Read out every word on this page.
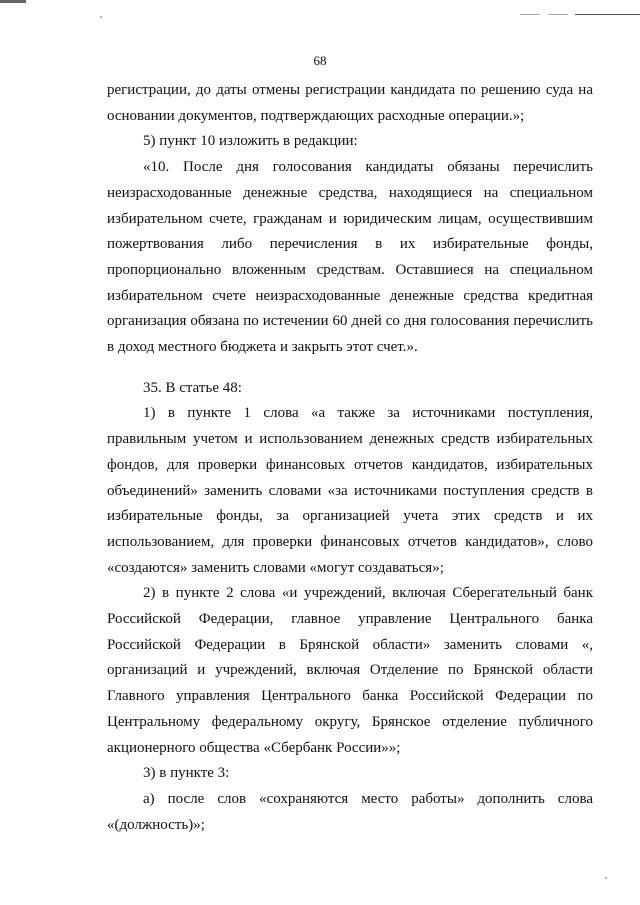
68

регистрации, до даты отмены регистрации кандидата по решению суда на основании документов, подтверждающих расходные операции.»;

5) пункт 10 изложить в редакции:

«10. После дня голосования кандидаты обязаны перечислить неизрасходованные денежные средства, находящиеся на специальном избирательном счете, гражданам и юридическим лицам, осуществившим пожертвования либо перечисления в их избирательные фонды, пропорционально вложенным средствам. Оставшиеся на специальном избирательном счете неизрасходованные денежные средства кредитная организация обязана по истечении 60 дней со дня голосования перечислить в доход местного бюджета и закрыть этот счет.».

35. В статье 48:

1) в пункте 1 слова «а также за источниками поступления, правильным учетом и использованием денежных средств избирательных фондов, для проверки финансовых отчетов кандидатов, избирательных объединений» заменить словами «за источниками поступления средств в избирательные фонды, за организацией учета этих средств и их использованием, для проверки финансовых отчетов кандидатов», слово «создаются» заменить словами «могут создаваться»;

2) в пункте 2 слова «и учреждений, включая Сберегательный банк Российской Федерации, главное управление Центрального банка Российской Федерации в Брянской области» заменить словами «, организаций и учреждений, включая Отделение по Брянской области Главного управления Центрального банка Российской Федерации по Центральному федеральному округу, Брянское отделение публичного акционерного общества «Сбербанк России»»;

3) в пункте 3:

а) после слов «сохраняются место работы» дополнить слова «(должность)»;
